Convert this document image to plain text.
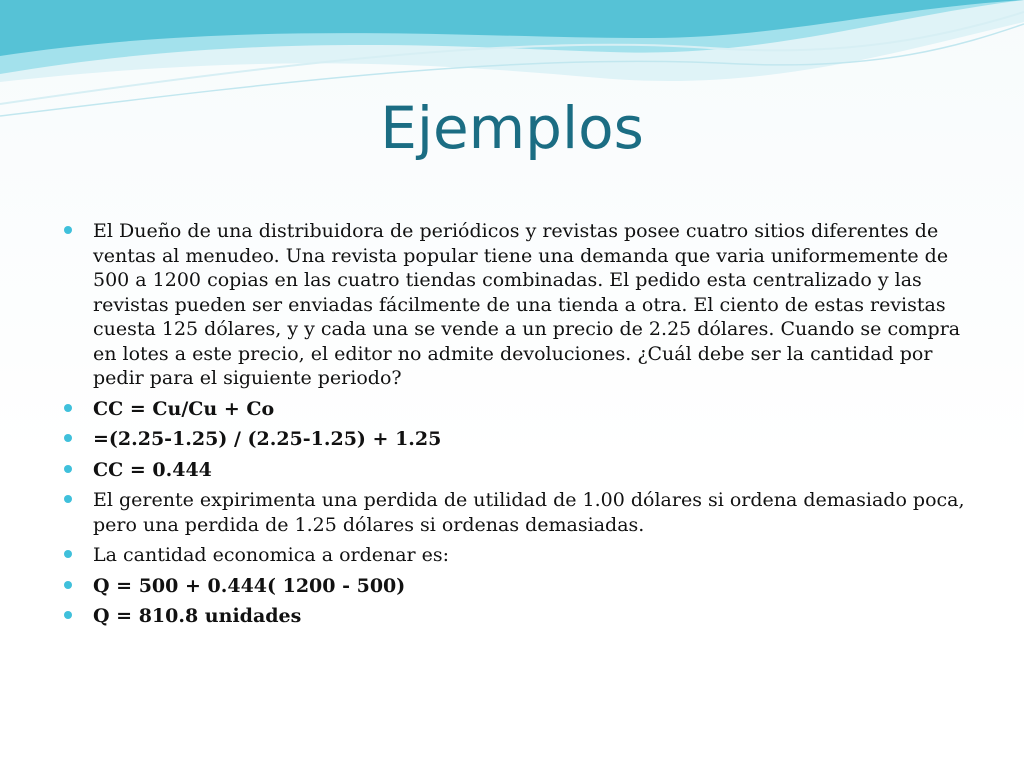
Ejemplos
El Dueño de una distribuidora de periódicos y revistas posee cuatro sitios diferentes de ventas al menudeo. Una revista popular tiene una demanda que varia uniformemente de 500 a 1200 copias en las cuatro tiendas combinadas. El pedido esta centralizado y las revistas pueden ser enviadas fácilmente de una tienda a otra. El ciento de estas revistas cuesta 125 dólares, y y cada una se vende a un precio de 2.25 dólares. Cuando se compra en lotes a este precio, el editor no admite devoluciones. ¿Cuál debe ser la cantidad por pedir para el siguiente periodo?
CC = Cu/Cu + Co
=(2.25-1.25) / (2.25-1.25) + 1.25
CC = 0.444
El gerente expirimenta una perdida de utilidad de 1.00 dólares si ordena demasiado poca, pero una perdida de 1.25 dólares si ordenas demasiadas.
La cantidad economica a ordenar es:
Q = 500 + 0.444( 1200 - 500)
Q = 810.8 unidades
